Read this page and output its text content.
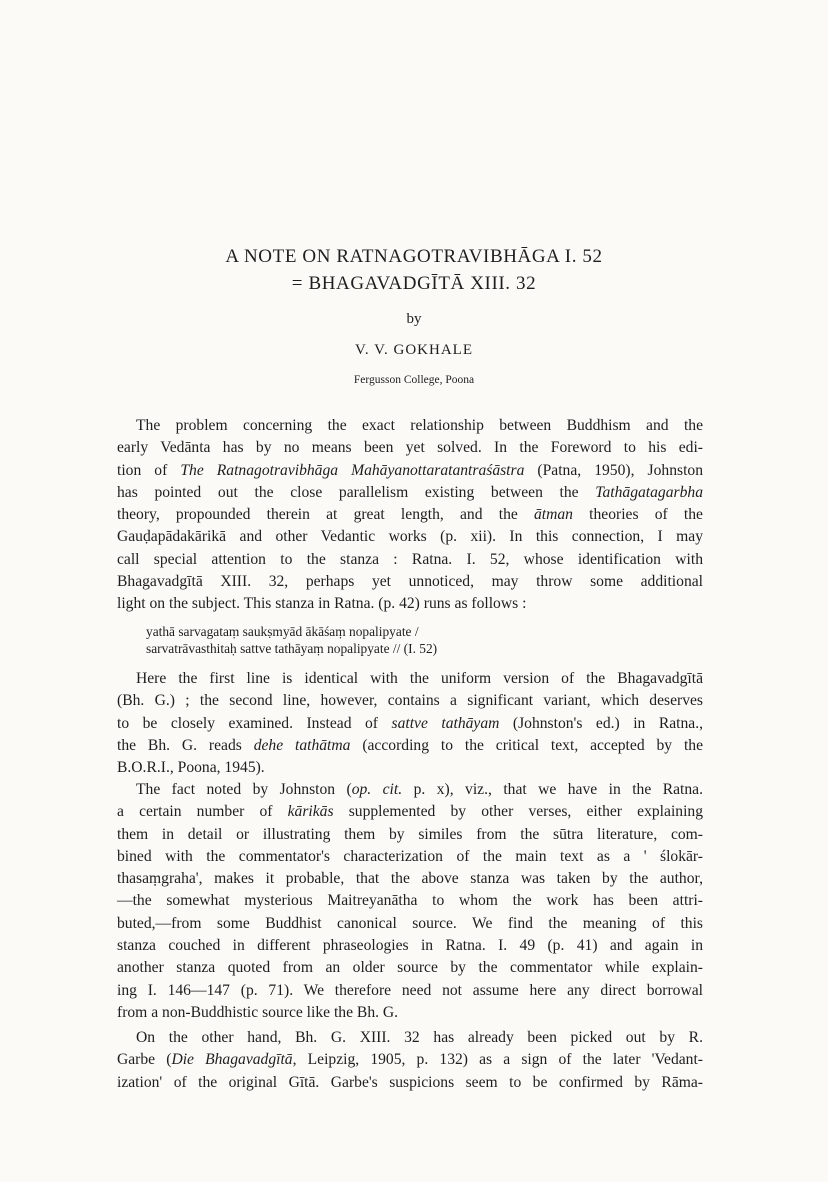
A NOTE ON RATNAGOTRAVIBHĀGA I. 52
= BHAGAVADGĪTĀ XIII. 32
by
V. V. GOKHALE
Fergusson College, Poona
The problem concerning the exact relationship between Buddhism and the
early Vedānta has by no means been yet solved. In the Foreword to his edi-
tion of The Ratnagotravibhāga Mahāyanottaratantraśāstra (Patna, 1950), Johnston
has pointed out the close parallelism existing between the Tathāgatagarbha
theory, propounded therein at great length, and the ātman theories of the
Gauḍapādakārikā and other Vedantic works (p. xii). In this connection, I may
call special attention to the stanza : Ratna. I. 52, whose identification with
Bhagavadgītā XIII. 32, perhaps yet unnoticed, may throw some additional
light on the subject. This stanza in Ratna. (p. 42) runs as follows :
yathā sarvagataṃ saukṣmyād ākāśaṃ nopalipyate /
sarvatrāvasthitaḥ sattve tathāyaṃ nopalipyate // (I. 52)
Here the first line is identical with the uniform version of the Bhagavadgītā
(Bh. G.) ; the second line, however, contains a significant variant, which deserves
to be closely examined. Instead of sattve tathāyam (Johnston's ed.) in Ratna.,
the Bh. G. reads dehe tathātma (according to the critical text, accepted by the
B.O.R.I., Poona, 1945).
The fact noted by Johnston (op. cit. p. x), viz., that we have in the Ratna.
a certain number of kārikās supplemented by other verses, either explaining
them in detail or illustrating them by similes from the sūtra literature, com-
bined with the commentator's characterization of the main text as a ' ślokār-
thasaṃgraha', makes it probable, that the above stanza was taken by the author,
—the somewhat mysterious Maitreyanātha to whom the work has been attri-
buted,—from some Buddhist canonical source. We find the meaning of this
stanza couched in different phraseologies in Ratna. I. 49 (p. 41) and again in
another stanza quoted from an older source by the commentator while explain-
ing I. 146—147 (p. 71). We therefore need not assume here any direct borrowal
from a non-Buddhistic source like the Bh. G.
On the other hand, Bh. G. XIII. 32 has already been picked out by R.
Garbe (Die Bhagavadgītā, Leipzig, 1905, p. 132) as a sign of the later 'Vedant-
ization' of the original Gītā. Garbe's suspicions seem to be confirmed by Rāma-
